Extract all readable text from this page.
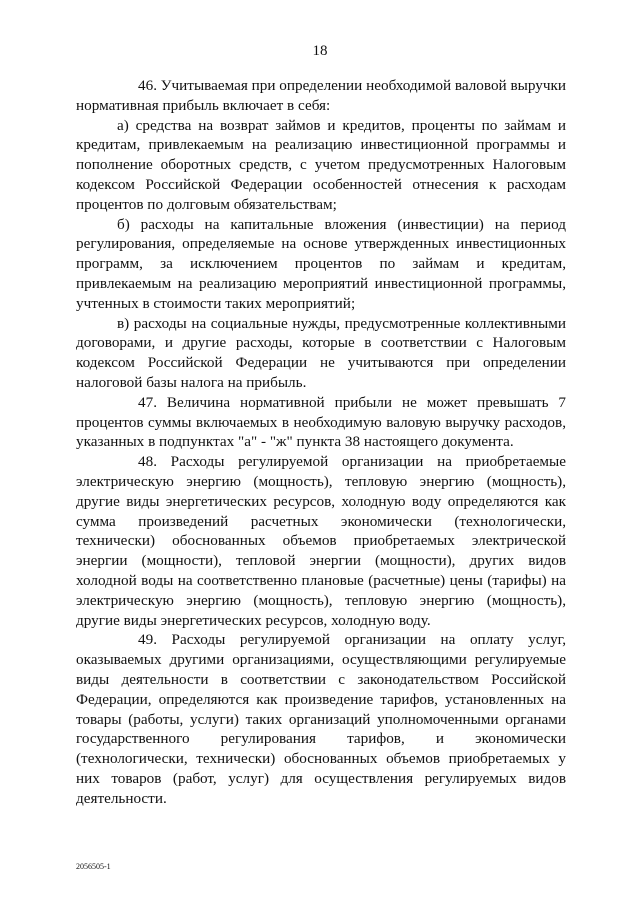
18

46. Учитываемая при определении необходимой валовой выручки нормативная прибыль включает в себя:

а) средства на возврат займов и кредитов, проценты по займам и кредитам, привлекаемым на реализацию инвестиционной программы и пополнение оборотных средств, с учетом предусмотренных Налоговым кодексом Российской Федерации особенностей отнесения к расходам процентов по долговым обязательствам;

б) расходы на капитальные вложения (инвестиции) на период регулирования, определяемые на основе утвержденных инвестиционных программ, за исключением процентов по займам и кредитам, привлекаемым на реализацию мероприятий инвестиционной программы, учтенных в стоимости таких мероприятий;

в) расходы на социальные нужды, предусмотренные коллективными договорами, и другие расходы, которые в соответствии с Налоговым кодексом Российской Федерации не учитываются при определении налоговой базы налога на прибыль.

47. Величина нормативной прибыли не может превышать 7 процентов суммы включаемых в необходимую валовую выручку расходов, указанных в подпунктах "а" - "ж" пункта 38 настоящего документа.

48. Расходы регулируемой организации на приобретаемые электрическую энергию (мощность), тепловую энергию (мощность), другие виды энергетических ресурсов, холодную воду определяются как сумма произведений расчетных экономически (технологически, технически) обоснованных объемов приобретаемых электрической энергии (мощности), тепловой энергии (мощности), других видов холодной воды на соответственно плановые (расчетные) цены (тарифы) на электрическую энергию (мощность), тепловую энергию (мощность), другие виды энергетических ресурсов, холодную воду.

49. Расходы регулируемой организации на оплату услуг, оказываемых другими организациями, осуществляющими регулируемые виды деятельности в соответствии с законодательством Российской Федерации, определяются как произведение тарифов, установленных на товары (работы, услуги) таких организаций уполномоченными органами государственного регулирования тарифов, и экономически (технологически, технически) обоснованных объемов приобретаемых у них товаров (работ, услуг) для осуществления регулируемых видов деятельности.

2056505-1
